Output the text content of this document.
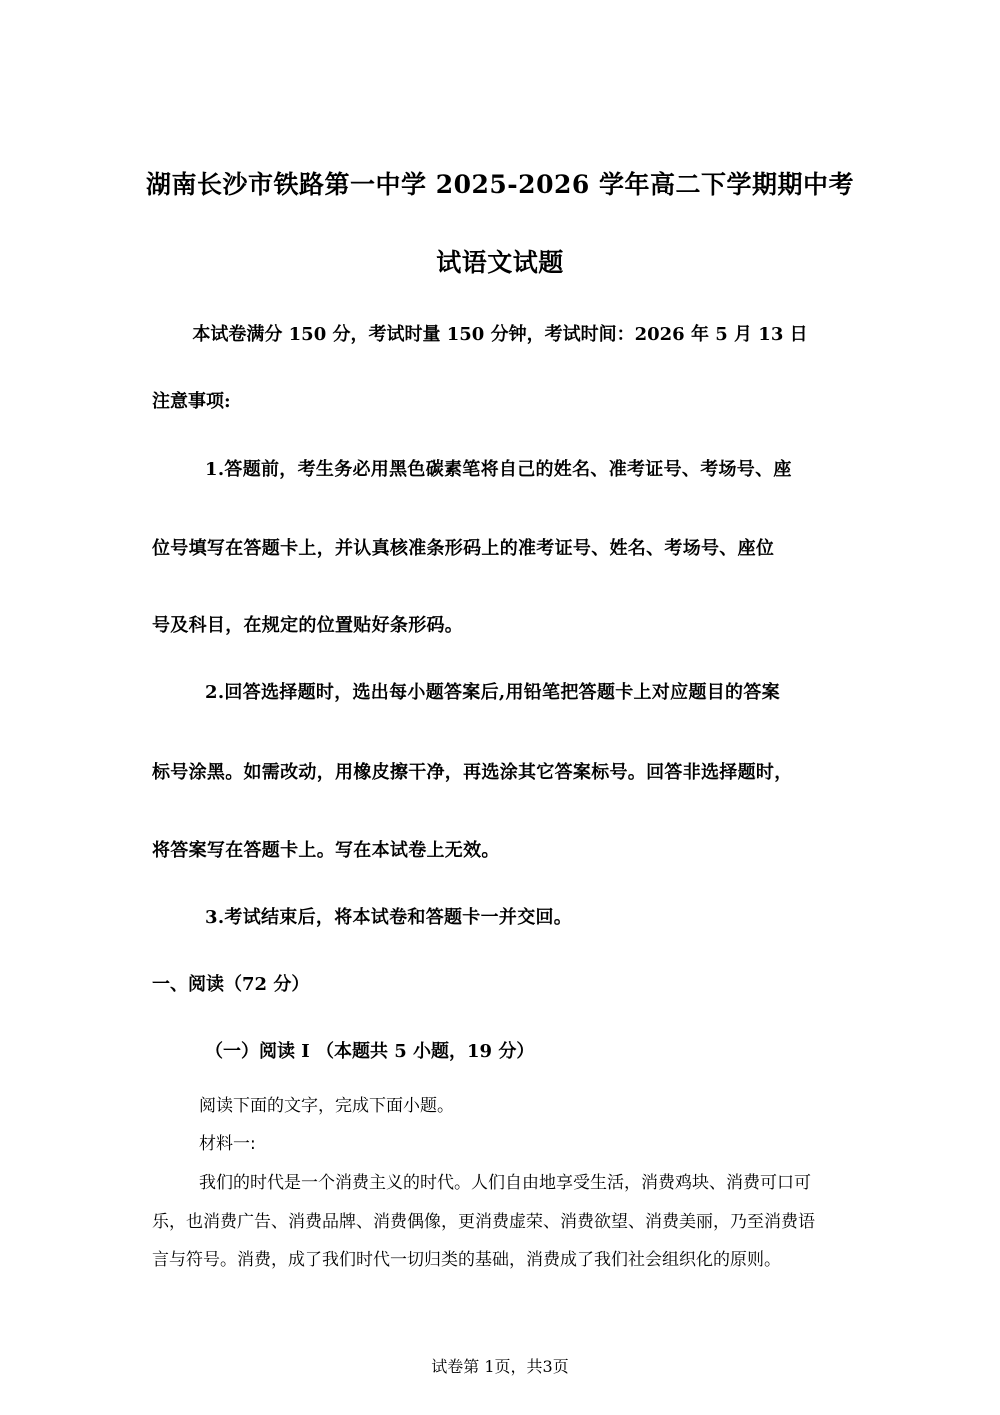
湖南长沙市铁路第一中学 2025-2026 学年高二下学期期中考
试语文试题
本试卷满分 150 分，考试时量 150 分钟，考试时间：2026 年 5 月 13 日
注意事项:
1.答题前，考生务必用黑色碳素笔将自己的姓名、准考证号、考场号、座
位号填写在答题卡上，并认真核准条形码上的准考证号、姓名、考场号、座位
号及科目，在规定的位置贴好条形码。
2.回答选择题时，选出每小题答案后,用铅笔把答题卡上对应题目的答案
标号涂黑。如需改动，用橡皮擦干净，再选涂其它答案标号。回答非选择题时，
将答案写在答题卡上。写在本试卷上无效。
3.考试结束后，将本试卷和答题卡一并交回。
一、阅读（72 分）
（一）阅读 I （本题共 5 小题，19 分）
阅读下面的文字，完成下面小题。
材料一:
我们的时代是一个消费主义的时代。人们自由地享受生活，消费鸡块、消费可口可
乐，也消费广告、消费品牌、消费偶像，更消费虚荣、消费欲望、消费美丽，乃至消费语
言与符号。消费，成了我们时代一切归类的基础，消费成了我们社会组织化的原则。
试卷第 1页，共3页
